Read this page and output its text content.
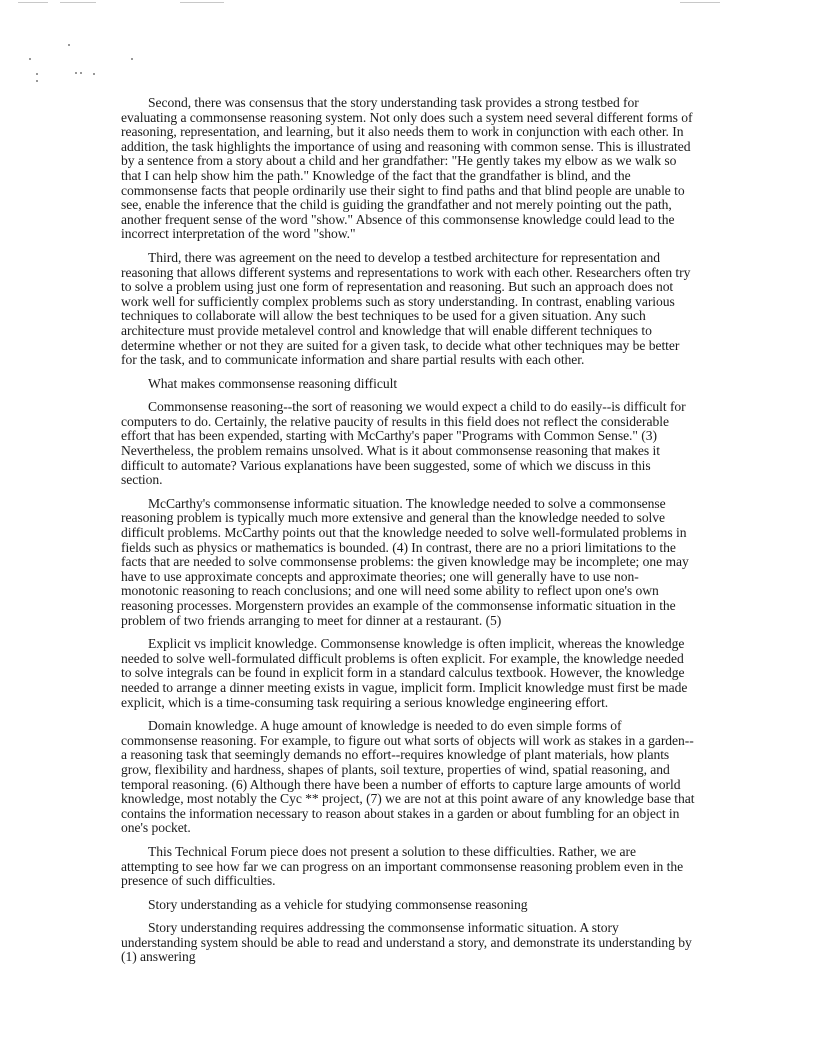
Second, there was consensus that the story understanding task provides a strong testbed for evaluating a commonsense reasoning system. Not only does such a system need several different forms of reasoning, representation, and learning, but it also needs them to work in conjunction with each other. In addition, the task highlights the importance of using and reasoning with common sense. This is illustrated by a sentence from a story about a child and her grandfather: "He gently takes my elbow as we walk so that I can help show him the path." Knowledge of the fact that the grandfather is blind, and the commonsense facts that people ordinarily use their sight to find paths and that blind people are unable to see, enable the inference that the child is guiding the grandfather and not merely pointing out the path, another frequent sense of the word "show." Absence of this commonsense knowledge could lead to the incorrect interpretation of the word "show."

Third, there was agreement on the need to develop a testbed architecture for representation and reasoning that allows different systems and representations to work with each other. Researchers often try to solve a problem using just one form of representation and reasoning. But such an approach does not work well for sufficiently complex problems such as story understanding. In contrast, enabling various techniques to collaborate will allow the best techniques to be used for a given situation. Any such architecture must provide metalevel control and knowledge that will enable different techniques to determine whether or not they are suited for a given task, to decide what other techniques may be better for the task, and to communicate information and share partial results with each other.

What makes commonsense reasoning difficult

Commonsense reasoning--the sort of reasoning we would expect a child to do easily--is difficult for computers to do. Certainly, the relative paucity of results in this field does not reflect the considerable effort that has been expended, starting with McCarthy's paper "Programs with Common Sense." (3) Nevertheless, the problem remains unsolved. What is it about commonsense reasoning that makes it difficult to automate? Various explanations have been suggested, some of which we discuss in this section.

McCarthy's commonsense informatic situation. The knowledge needed to solve a commonsense reasoning problem is typically much more extensive and general than the knowledge needed to solve difficult problems. McCarthy points out that the knowledge needed to solve well-formulated problems in fields such as physics or mathematics is bounded. (4) In contrast, there are no a priori limitations to the facts that are needed to solve commonsense problems: the given knowledge may be incomplete; one may have to use approximate concepts and approximate theories; one will generally have to use non-monotonic reasoning to reach conclusions; and one will need some ability to reflect upon one's own reasoning processes. Morgenstern provides an example of the commonsense informatic situation in the problem of two friends arranging to meet for dinner at a restaurant. (5)

Explicit vs implicit knowledge. Commonsense knowledge is often implicit, whereas the knowledge needed to solve well-formulated difficult problems is often explicit. For example, the knowledge needed to solve integrals can be found in explicit form in a standard calculus textbook. However, the knowledge needed to arrange a dinner meeting exists in vague, implicit form. Implicit knowledge must first be made explicit, which is a time-consuming task requiring a serious knowledge engineering effort.

Domain knowledge. A huge amount of knowledge is needed to do even simple forms of commonsense reasoning. For example, to figure out what sorts of objects will work as stakes in a garden--a reasoning task that seemingly demands no effort--requires knowledge of plant materials, how plants grow, flexibility and hardness, shapes of plants, soil texture, properties of wind, spatial reasoning, and temporal reasoning. (6) Although there have been a number of efforts to capture large amounts of world knowledge, most notably the Cyc ** project, (7) we are not at this point aware of any knowledge base that contains the information necessary to reason about stakes in a garden or about fumbling for an object in one's pocket.

This Technical Forum piece does not present a solution to these difficulties. Rather, we are attempting to see how far we can progress on an important commonsense reasoning problem even in the presence of such difficulties.

Story understanding as a vehicle for studying commonsense reasoning

Story understanding requires addressing the commonsense informatic situation. A story understanding system should be able to read and understand a story, and demonstrate its understanding by (1) answering
